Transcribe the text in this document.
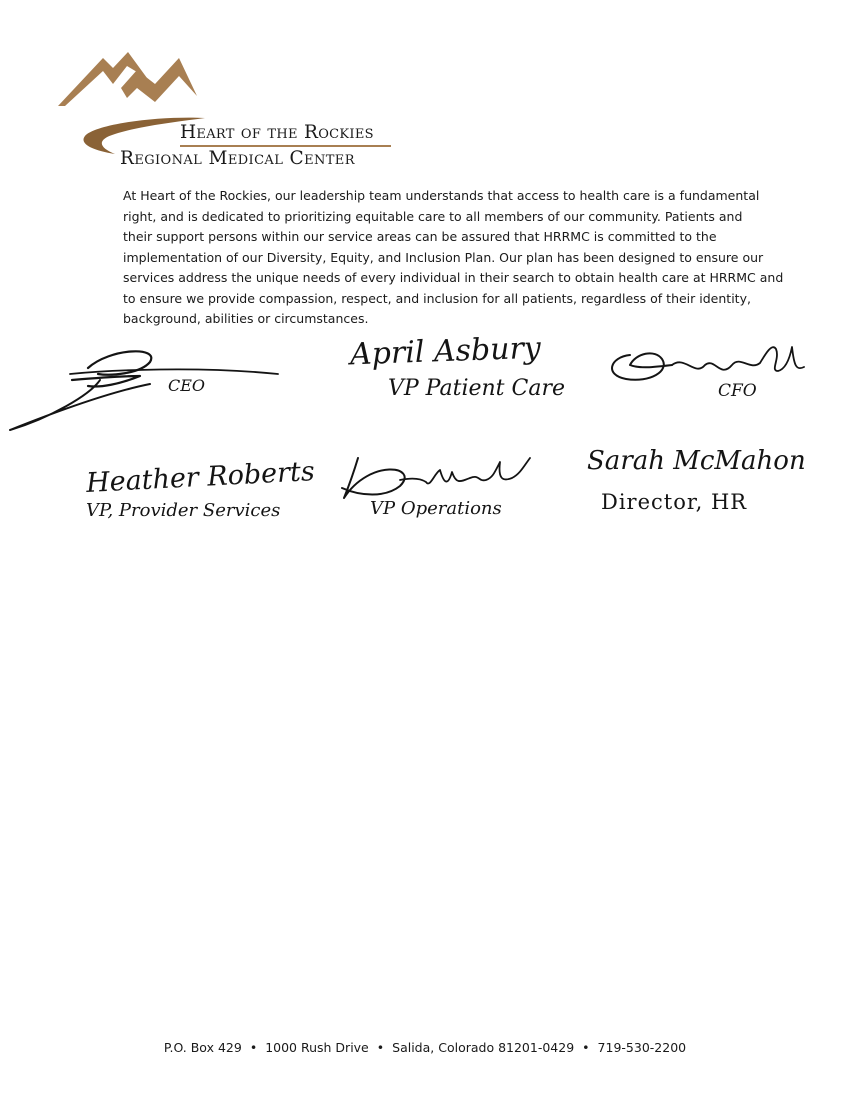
Heart of the Rockies
Regional Medical Center
At Heart of the Rockies, our leadership team understands that access to health care is a fundamental
right, and is dedicated to prioritizing equitable care to all members of our community. Patients and
their support persons within our service areas can be assured that HRRMC is committed to the
implementation of our Diversity, Equity, and Inclusion Plan. Our plan has been designed to ensure our
services address the unique needs of every individual in their search to obtain health care at HRRMC and
to ensure we provide compassion, respect, and inclusion for all patients, regardless of their identity,
background, abilities or circumstances.
CEO
April Asbury
VP Patient Care	CFO
Heather Roberts
VP, Provider Services	VP Operations
Sarah McMahon
Director, HR
P.O. Box 429 • 1000 Rush Drive • Salida, Colorado 81201-0429 • 719-530-2200
